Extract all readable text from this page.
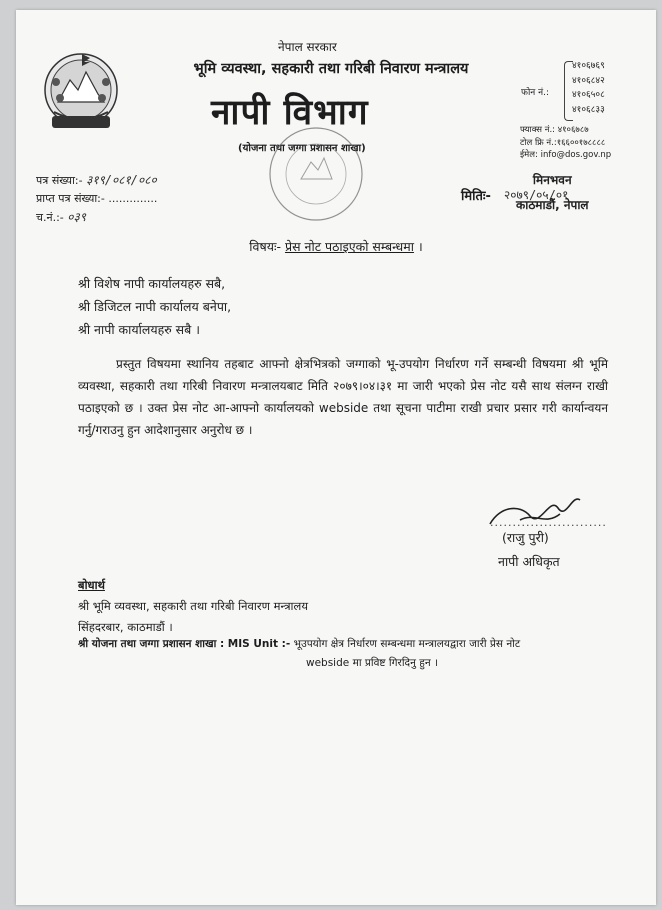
नेपाल सरकार
भूमि व्यवस्था, सहकारी तथा गरिबी निवारण मन्त्रालय
नापी विभाग
(योजना तथा जग्गा प्रशासन शाखा)
फोन नं.:
४१०६७६९
४१०६८४२
४१०६५०८
४१०६८३३
फ्याक्स नं.: ४१०६७८७
टोल फ्रि नं.:१६६००१७८८८८
ईमेल: info@dos.gov.np
पत्र संख्या:- ३१९/०८१/०८०
प्राप्त पत्र संख्या:- ..............
च.नं.:- ०३९
मितिः- २०७९/०५/०१
मिनभवन
काठमाडौं, नेपाल
विषयः- प्रेस नोट पठाइएको सम्बन्धमा ।
श्री विशेष नापी कार्यालयहरु सबै,
श्री डिजिटल नापी कार्यालय बनेपा,
श्री नापी कार्यालयहरु सबै ।
प्रस्तुत विषयमा स्थानिय तहबाट आफ्नो क्षेत्रभित्रको जग्गाको भू-उपयोग निर्धारण गर्ने सम्बन्धी विषयमा श्री भूमि व्यवस्था, सहकारी तथा गरिबी निवारण मन्त्रालयबाट मिति २०७९।०४।३१ मा जारी भएको प्रेस नोट यसै साथ संलग्न राखी पठाइएको छ । उक्त प्रेस नोट आ-आफ्नो कार्यालयको webside तथा सूचना पाटीमा राखी प्रचार प्रसार गरी कार्यान्वयन गर्नु/गराउनु हुन आदेशानुसार अनुरोध छ ।
..........................
(राजु पुरी)
नापी अधिकृत
बोधार्थ
श्री भूमि व्यवस्था, सहकारी तथा गरिबी निवारण मन्त्रालय
सिंहदरबार, काठमाडौं ।
श्री योजना तथा जग्गा प्रशासन शाखा : MIS Unit :- भूउपयोग क्षेत्र निर्धारण सम्बन्धमा मन्त्रालयद्वारा जारी प्रेस नोट
webside मा प्रविष्ट गिरदिनु हुन ।
